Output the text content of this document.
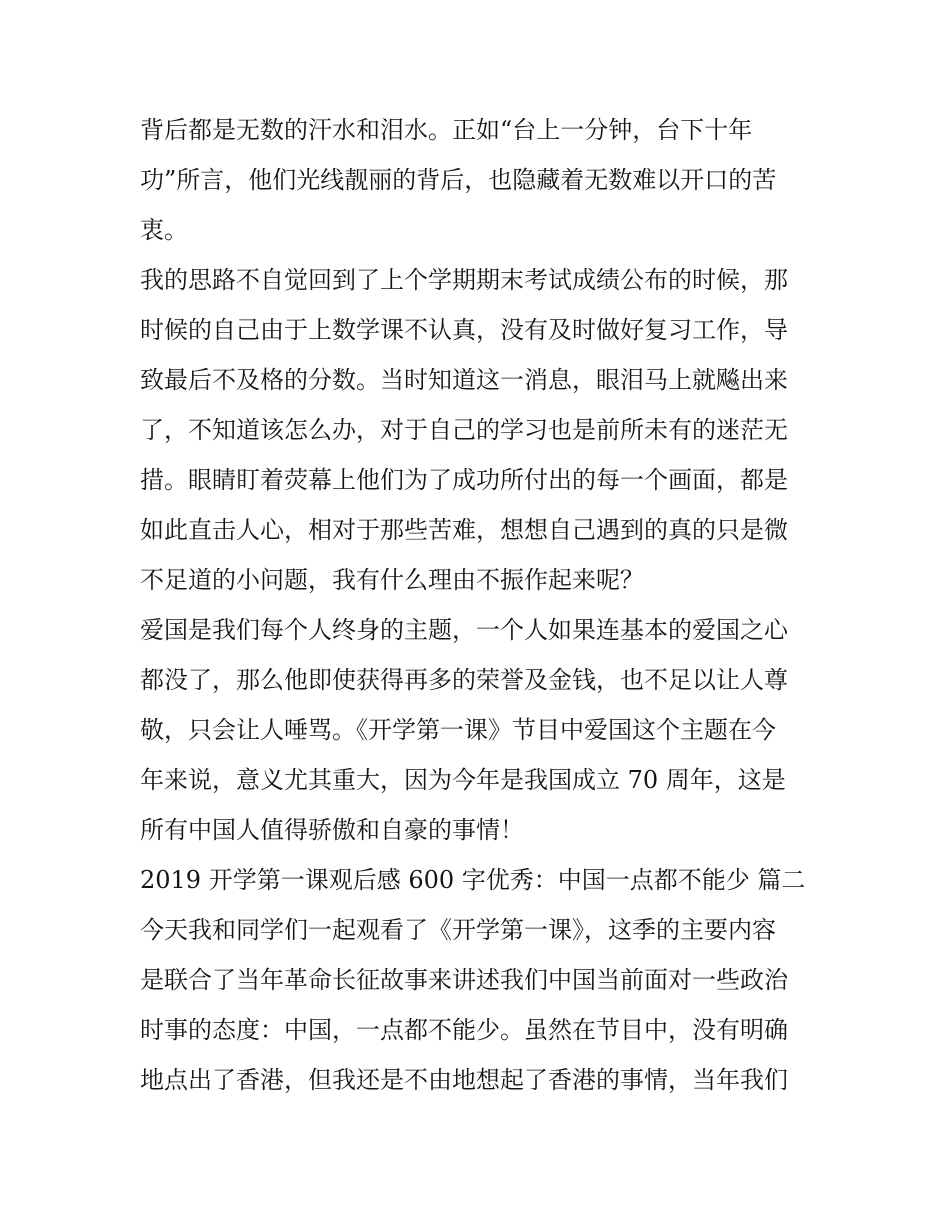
背后都是无数的汗水和泪水。正如“台上一分钟，台下十年
功”所言，他们光线靓丽的背后，也隐藏着无数难以开口的苦
衷。
我的思路不自觉回到了上个学期期末考试成绩公布的时候，那
时候的自己由于上数学课不认真，没有及时做好复习工作，导
致最后不及格的分数。当时知道这一消息，眼泪马上就飚出来
了，不知道该怎么办，对于自己的学习也是前所未有的迷茫无
措。眼睛盯着荧幕上他们为了成功所付出的每一个画面，都是
如此直击人心，相对于那些苦难，想想自己遇到的真的只是微
不足道的小问题，我有什么理由不振作起来呢？
爱国是我们每个人终身的主题，一个人如果连基本的爱国之心
都没了，那么他即使获得再多的荣誉及金钱，也不足以让人尊
敬，只会让人唾骂。《开学第一课》节目中爱国这个主题在今
年来说，意义尤其重大，因为今年是我国成立 70 周年，这是
所有中国人值得骄傲和自豪的事情！
2019 开学第一课观后感 600 字优秀：中国一点都不能少 篇二
今天我和同学们一起观看了《开学第一课》，这季的主要内容
是联合了当年革命长征故事来讲述我们中国当前面对一些政治
时事的态度：中国，一点都不能少。虽然在节目中，没有明确
地点出了香港，但我还是不由地想起了香港的事情，当年我们
